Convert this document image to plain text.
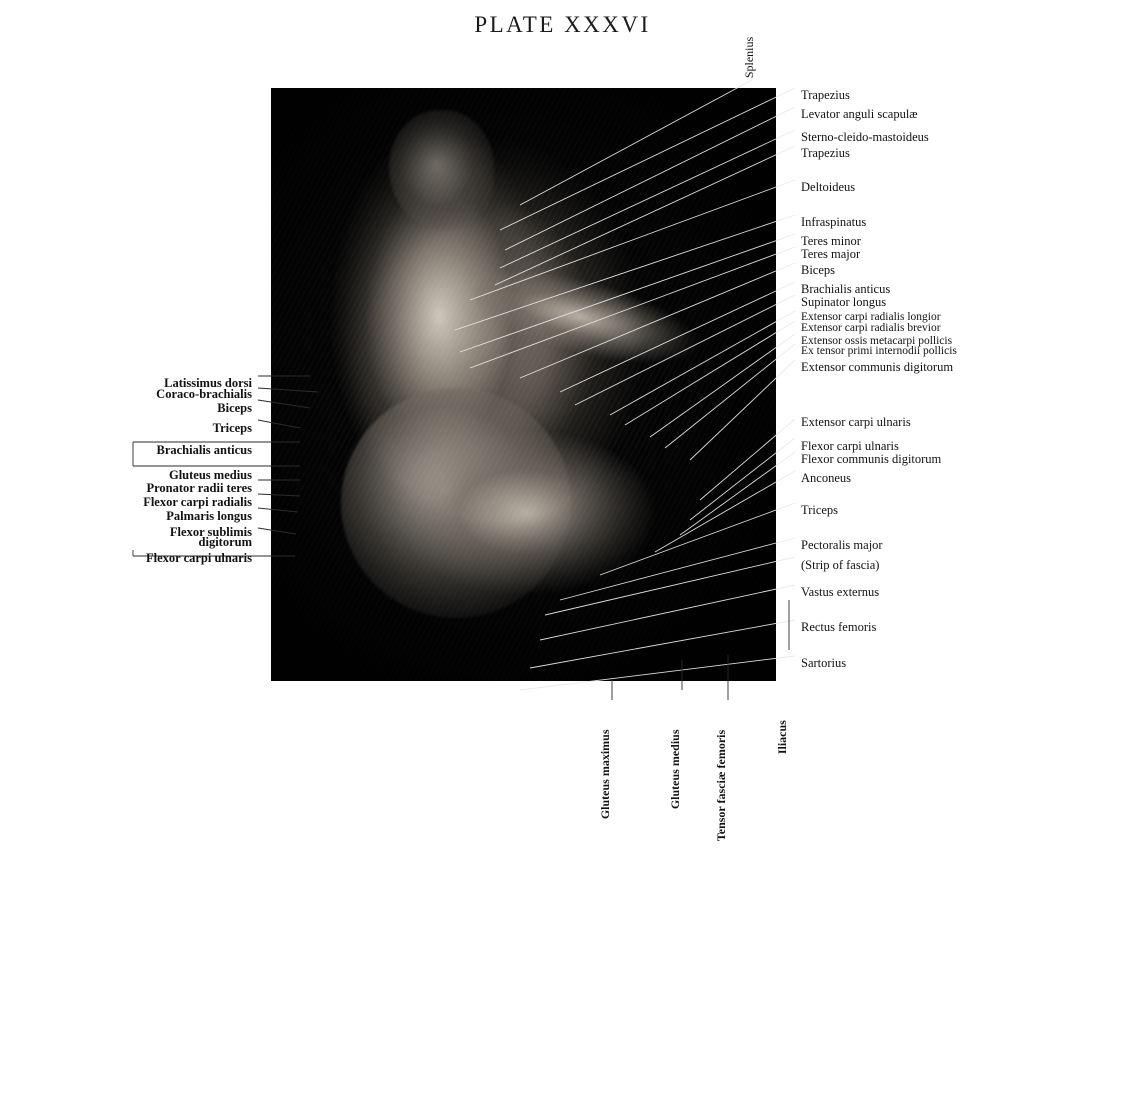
PLATE XXXVI
Splenius
Trapezius
Levator anguli scapulæ
Sterno-cleido-mastoideus
Trapezius
Deltoideus
Infraspinatus
Teres minor
Teres major
Biceps
Brachialis anticus
Supinator longus
Extensor carpi radialis longior
Extensor carpi radialis brevior
Extensor ossis metacarpi pollicis
Ex tensor primi internodii pollicis
Extensor communis digitorum
Extensor carpi ulnaris
Flexor carpi ulnaris
Flexor communis digitorum
Anconeus
Triceps
Pectoralis major
(Strip of fascia)
Vastus externus
Rectus femoris
Sartorius
Latissimus dorsi
Coraco-brachialis
Biceps
Triceps
Brachialis anticus
Gluteus medius
Pronator radii teres
Flexor carpi radialis
Palmaris longus
Flexor sublimis
digitorum
Flexor carpi ulnaris
Gluteus maximus	Gluteus medius	Tensor fasciæ femoris	Iliacus
